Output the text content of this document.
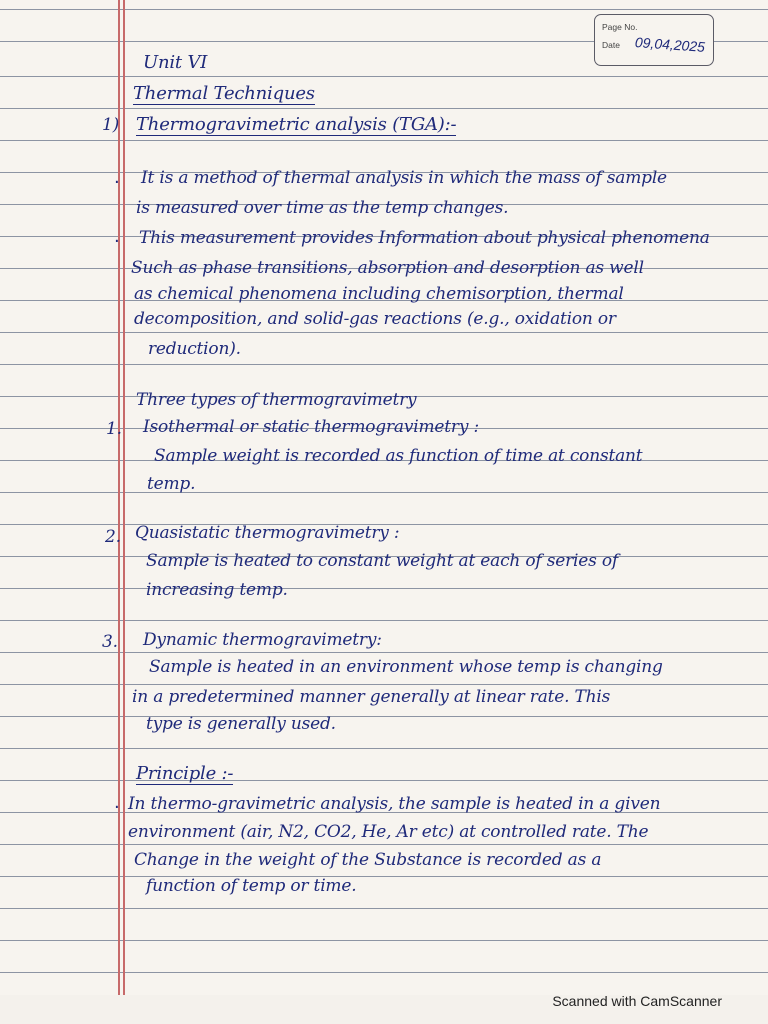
Page No.
Date 09,04,2025
Unit VI
Thermal Techniques
1) Thermogravimetric analysis (TGA):-
· It is a method of thermal analysis in which the mass of sample
is measured over time as the temp changes.
· This measurement provides Information about physical phenomena
Such as phase transitions, absorption and desorption as well
as chemical phenomena including chemisorption, thermal
decomposition, and solid-gas reactions (e.g., oxidation or
reduction).
Three types of thermogravimetry
1. Isothermal or static thermogravimetry :
Sample weight is recorded as function of time at constant
temp.
2. Quasistatic thermogravimetry :
Sample is heated to constant weight at each of series of
increasing temp.
3. Dynamic thermogravimetry:
Sample is heated in an environment whose temp is changing
in a predetermined manner generally at linear rate. This
type is generally used.
Principle :-
· In thermo-gravimetric analysis, the sample is heated in a given
environment (air, N2, CO2, He, Ar etc) at controlled rate. The
Change in the weight of the Substance is recorded as a
function of temp or time.
Scanned with CamScanner
